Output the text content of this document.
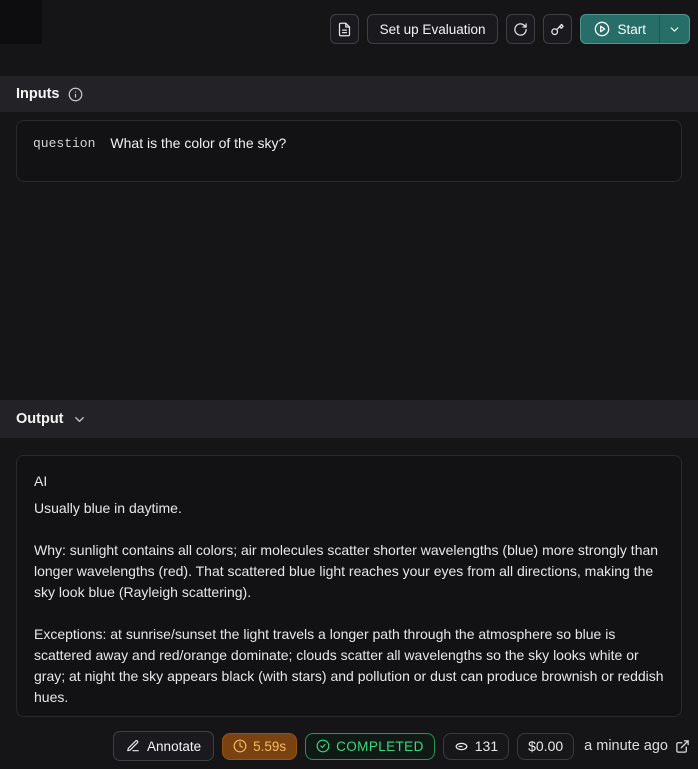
Set up Evaluation	Start
Inputs
question What is the color of the sky?
Output
AI

Usually blue in daytime.

Why: sunlight contains all colors; air molecules scatter shorter wavelengths (blue) more strongly than longer wavelengths (red). That scattered blue light reaches your eyes from all directions, making the sky look blue (Rayleigh scattering).

Exceptions: at sunrise/sunset the light travels a longer path through the atmosphere so blue is scattered away and red/orange dominate; clouds scatter all wavelengths so the sky looks white or gray; at night the sky appears black (with stars) and pollution or dust can produce brownish or reddish hues.

Annotate	5.59s	COMPLETED	131 $0.00 a minute ago
